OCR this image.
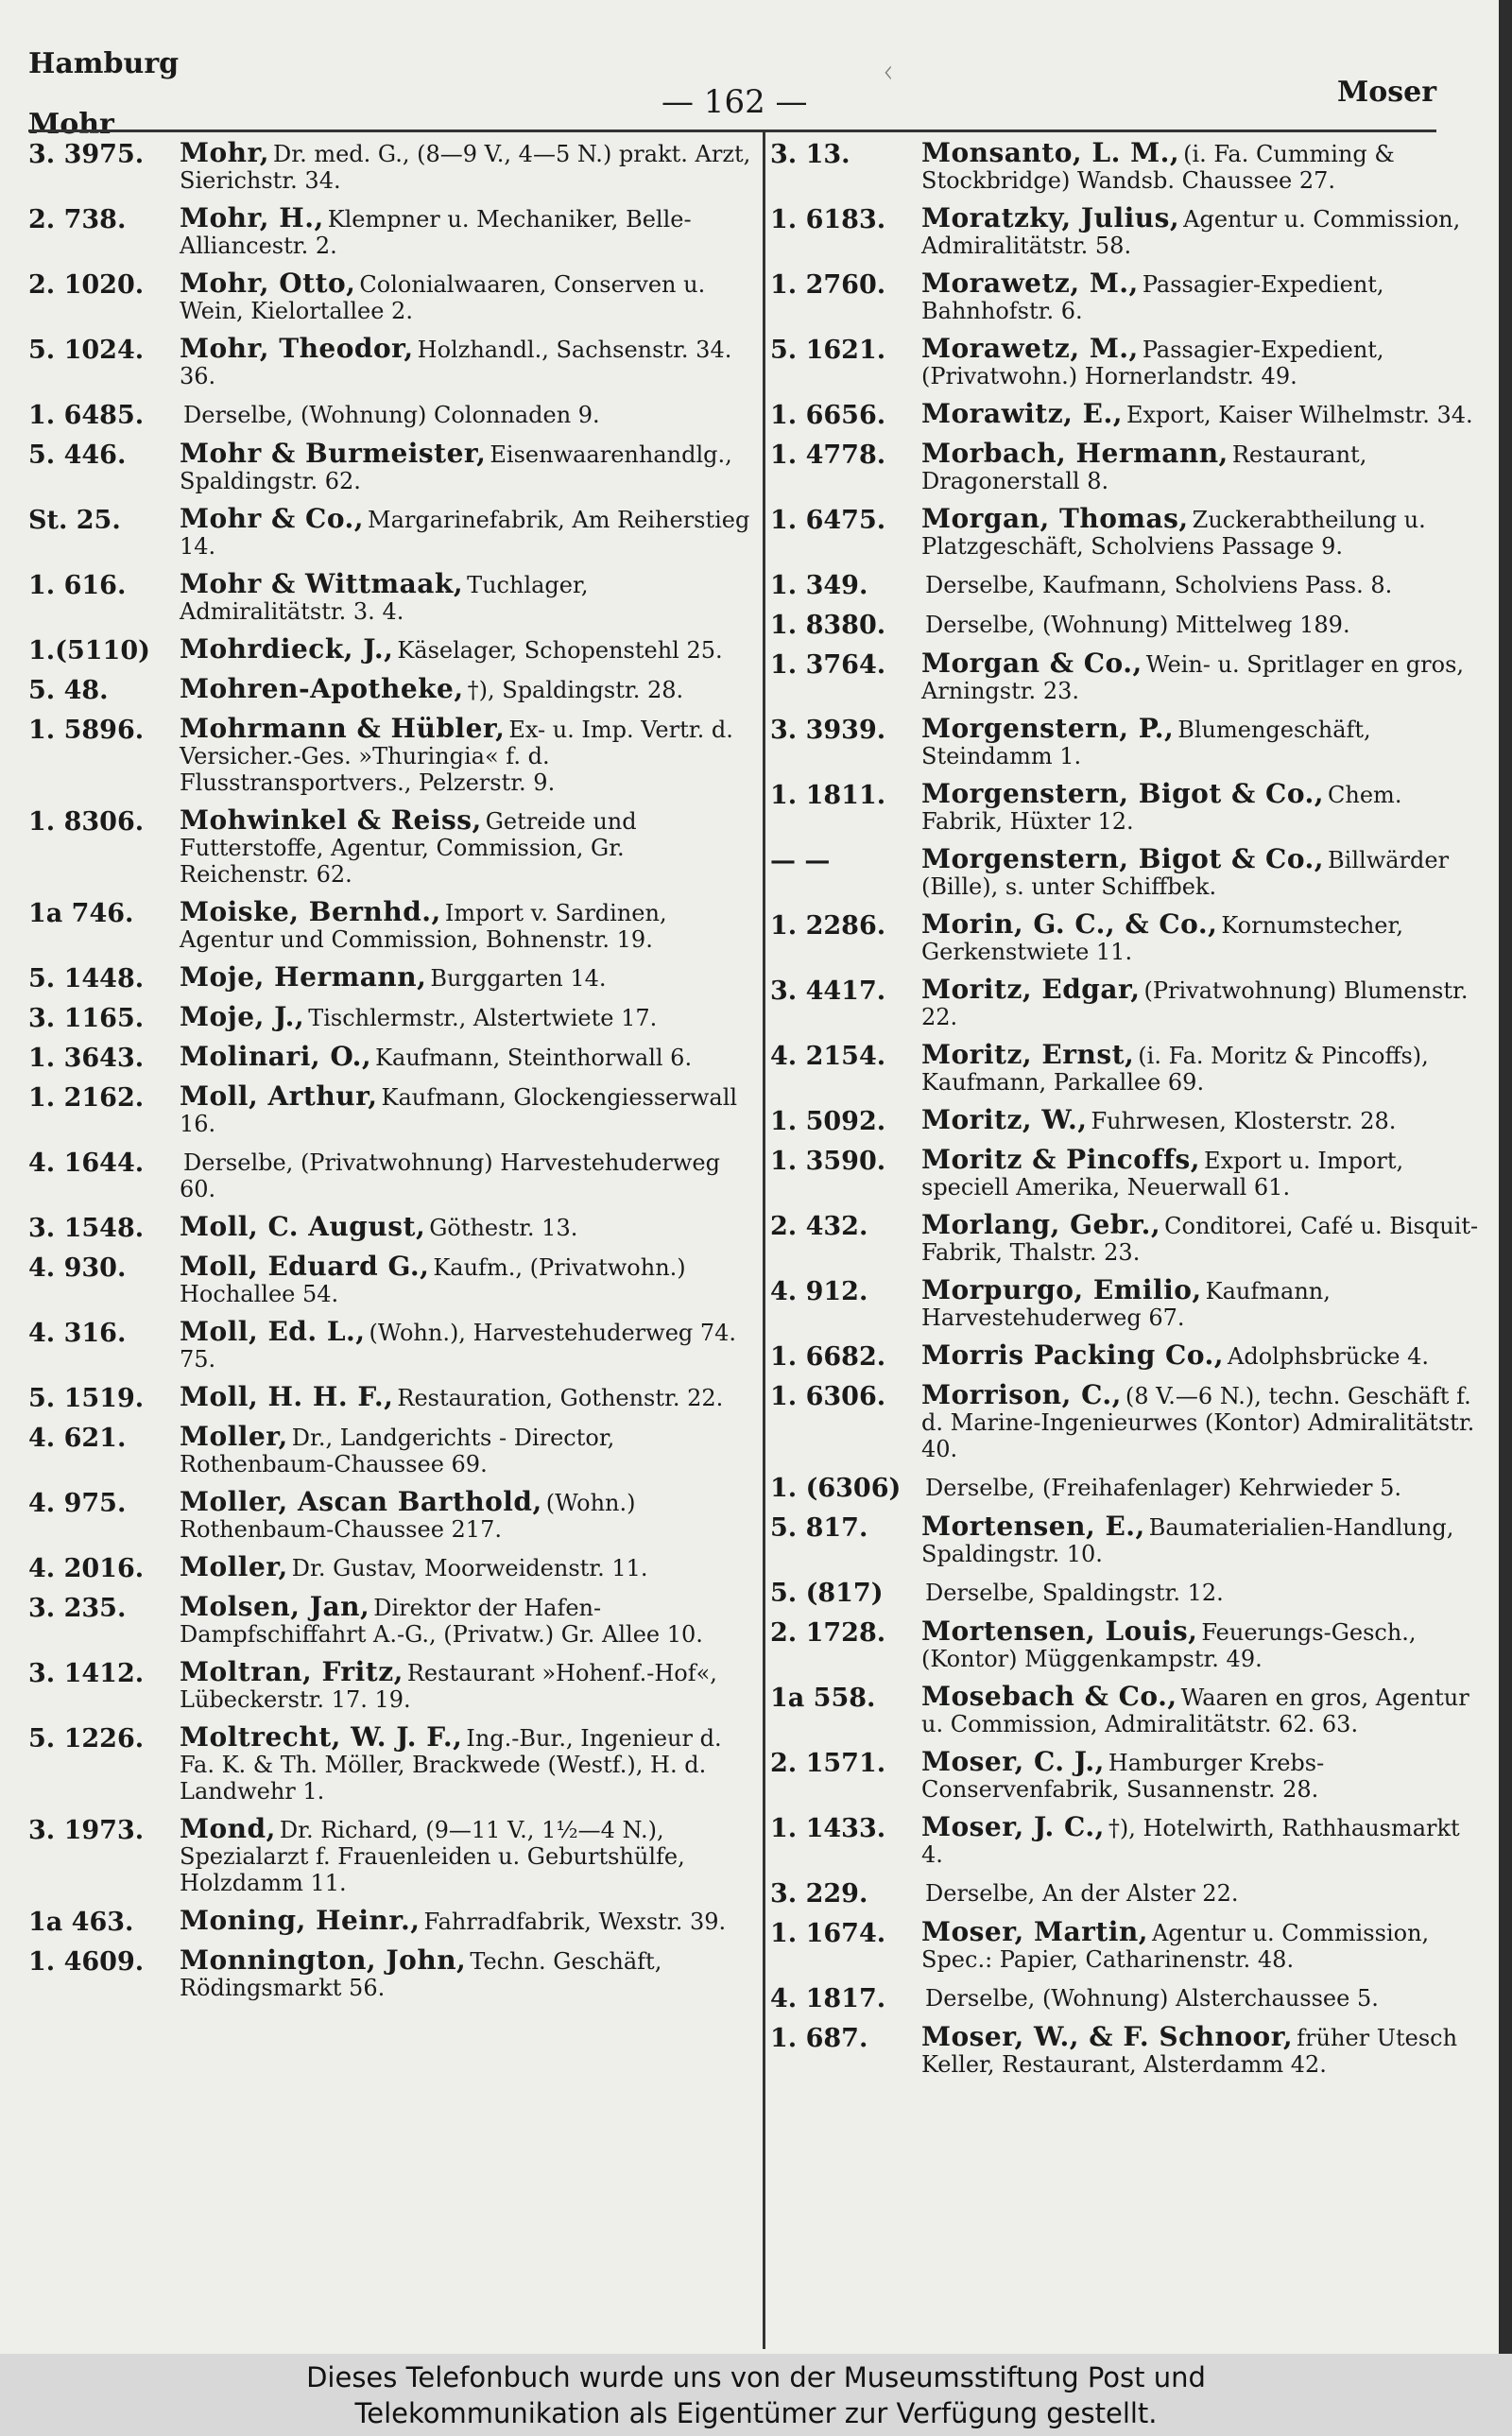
Hamburg
Mohr
— 162 —
ᚲ
Moser
3. 3975.	Mohr, Dr. med. G., (8—9 V., 4—5 N.) prakt. Arzt, Sierichstr. 34.
2. 738.	Mohr, H., Klempner u. Mechaniker, Belle-Alliancestr. 2.
2. 1020.	Mohr, Otto, Colonialwaaren, Conserven u. Wein, Kielortallee 2.
5. 1024.	Mohr, Theodor, Holzhandl., Sachsenstr. 34. 36.
1. 6485.	Derselbe, (Wohnung) Colonnaden 9.
5. 446.	Mohr & Burmeister, Eisenwaarenhandlg., Spaldingstr. 62.
St. 25.	Mohr & Co., Margarinefabrik, Am Reiherstieg 14.
1. 616.	Mohr & Wittmaak, Tuchlager, Admiralitätstr. 3. 4.
1.(5110)	Mohrdieck, J., Käselager, Schopenstehl 25.
5. 48.	Mohren-Apotheke, †), Spaldingstr. 28.
1. 5896.	Mohrmann & Hübler, Ex- u. Imp. Vertr. d. Versicher.-Ges. »Thuringia« f. d. Flusstransportvers., Pelzerstr. 9.
1. 8306.	Mohwinkel & Reiss, Getreide und Futterstoffe, Agentur, Commission, Gr. Reichenstr. 62.
1a 746.	Moiske, Bernhd., Import v. Sardinen, Agentur und Commission, Bohnenstr. 19.
5. 1448.	Moje, Hermann, Burggarten 14.
3. 1165.	Moje, J., Tischlermstr., Alstertwiete 17.
1. 3643.	Molinari, O., Kaufmann, Steinthorwall 6.
1. 2162.	Moll, Arthur, Kaufmann, Glockengiesserwall 16.
4. 1644.	Derselbe, (Privatwohnung) Harvestehuderweg 60.
3. 1548.	Moll, C. August, Göthestr. 13.
4. 930.	Moll, Eduard G., Kaufm., (Privatwohn.) Hochallee 54.
4. 316.	Moll, Ed. L., (Wohn.), Harvestehuderweg 74. 75.
5. 1519.	Moll, H. H. F., Restauration, Gothenstr. 22.
4. 621.	Moller, Dr., Landgerichts - Director, Rothenbaum-Chaussee 69.
4. 975.	Moller, Ascan Barthold, (Wohn.) Rothenbaum-Chaussee 217.
4. 2016.	Moller, Dr. Gustav, Moorweidenstr. 11.
3. 235.	Molsen, Jan, Direktor der Hafen-Dampfschiffahrt A.-G., (Privatw.) Gr. Allee 10.
3. 1412.	Moltran, Fritz, Restaurant »Hohenf.-Hof«, Lübeckerstr. 17. 19.
5. 1226.	Moltrecht, W. J. F., Ing.-Bur., Ingenieur d. Fa. K. & Th. Möller, Brackwede (Westf.), H. d. Landwehr 1.
3. 1973.	Mond, Dr. Richard, (9—11 V., 1½—4 N.), Spezialarzt f. Frauenleiden u. Geburtshülfe, Holzdamm 11.
1a 463.	Moning, Heinr., Fahrradfabrik, Wexstr. 39.
1. 4609.	Monnington, John, Techn. Geschäft, Rödingsmarkt 56.
3. 13.	Monsanto, L. M., (i. Fa. Cumming & Stockbridge) Wandsb. Chaussee 27.
1. 6183.	Moratzky, Julius, Agentur u. Commission, Admiralitätstr. 58.
1. 2760.	Morawetz, M., Passagier-Expedient, Bahnhofstr. 6.
5. 1621.	Morawetz, M., Passagier-Expedient, (Privatwohn.) Hornerlandstr. 49.
1. 6656.	Morawitz, E., Export, Kaiser Wilhelmstr. 34.
1. 4778.	Morbach, Hermann, Restaurant, Dragonerstall 8.
1. 6475.	Morgan, Thomas, Zuckerabtheilung u. Platzgeschäft, Scholviens Passage 9.
1. 349.	Derselbe, Kaufmann, Scholviens Pass. 8.
1. 8380.	Derselbe, (Wohnung) Mittelweg 189.
1. 3764.	Morgan & Co., Wein- u. Spritlager en gros, Arningstr. 23.
3. 3939.	Morgenstern, P., Blumengeschäft, Steindamm 1.
1. 1811.	Morgenstern, Bigot & Co., Chem. Fabrik, Hüxter 12.
— —	Morgenstern, Bigot & Co., Billwärder (Bille), s. unter Schiffbek.
1. 2286.	Morin, G. C., & Co., Kornumstecher, Gerkenstwiete 11.
3. 4417.	Moritz, Edgar, (Privatwohnung) Blumenstr. 22.
4. 2154.	Moritz, Ernst, (i. Fa. Moritz & Pincoffs), Kaufmann, Parkallee 69.
1. 5092.	Moritz, W., Fuhrwesen, Klosterstr. 28.
1. 3590.	Moritz & Pincoffs, Export u. Import, speciell Amerika, Neuerwall 61.
2. 432.	Morlang, Gebr., Conditorei, Café u. Bisquit-Fabrik, Thalstr. 23.
4. 912.	Morpurgo, Emilio, Kaufmann, Harvestehuderweg 67.
1. 6682.	Morris Packing Co., Adolphsbrücke 4.
1. 6306.	Morrison, C., (8 V.—6 N.), techn. Geschäft f. d. Marine-Ingenieurwes (Kontor) Admiralitätstr. 40.
1. (6306)	Derselbe, (Freihafenlager) Kehrwieder 5.
5. 817.	Mortensen, E., Baumaterialien-Handlung, Spaldingstr. 10.
5. (817)	Derselbe, Spaldingstr. 12.
2. 1728.	Mortensen, Louis, Feuerungs-Gesch., (Kontor) Müggenkampstr. 49.
1a 558.	Mosebach & Co., Waaren en gros, Agentur u. Commission, Admiralitätstr. 62. 63.
2. 1571.	Moser, C. J., Hamburger Krebs-Conservenfabrik, Susannenstr. 28.
1. 1433.	Moser, J. C., †), Hotelwirth, Rathhausmarkt 4.
3. 229.	Derselbe, An der Alster 22.
1. 1674.	Moser, Martin, Agentur u. Commission, Spec.: Papier, Catharinenstr. 48.
4. 1817.	Derselbe, (Wohnung) Alsterchaussee 5.
1. 687.	Moser, W., & F. Schnoor, früher Utesch Keller, Restaurant, Alsterdamm 42.
Dieses Telefonbuch wurde uns von der Museumsstiftung Post und
Telekommunikation als Eigentümer zur Verfügung gestellt.
